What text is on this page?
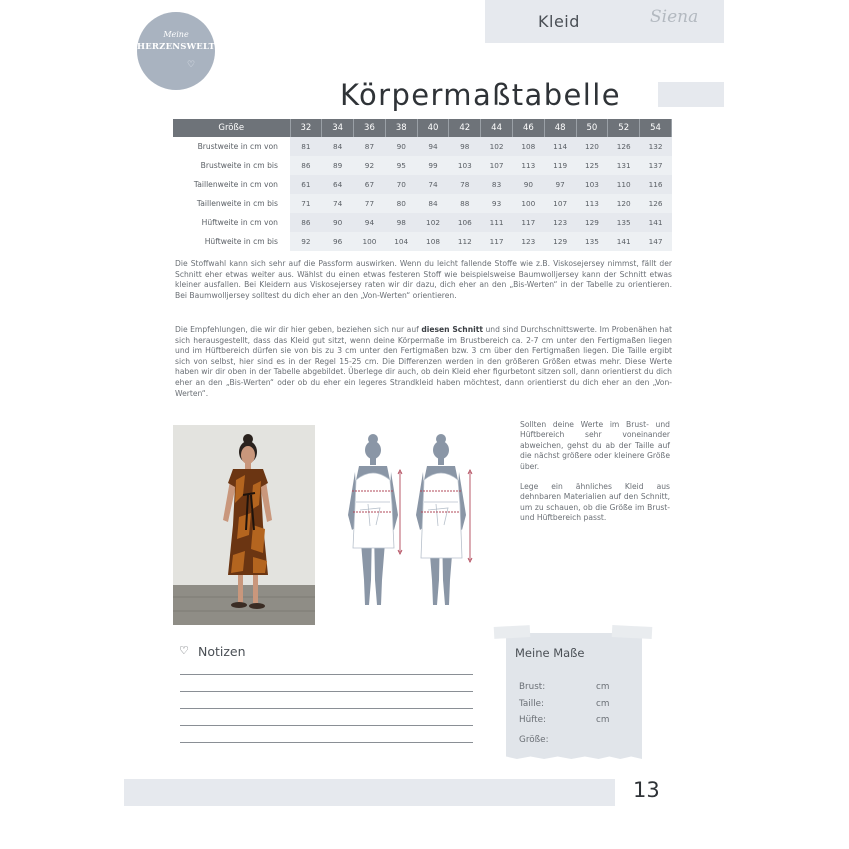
Meine
HERZENSWELT
♡
Kleid	Siena
Körpermaßtabelle
Größe	32	34	36	38	40	42	44	46	48	50	52	54
Brustweite in cm von	81	84	87	90	94	98	102	108	114	120	126	132
Brustweite in cm bis	86	89	92	95	99	103	107	113	119	125	131	137
Taillenweite in cm von	61	64	67	70	74	78	83	90	97	103	110	116
Taillenweite in cm bis	71	74	77	80	84	88	93	100	107	113	120	126
Hüftweite in cm von	86	90	94	98	102	106	111	117	123	129	135	141
Hüftweite in cm bis	92	96	100	104	108	112	117	123	129	135	141	147
Die Stoffwahl kann sich sehr auf die Passform auswirken. Wenn du leicht fallende Stoffe wie z.B. Viskosejersey nimmst, fällt der Schnitt eher etwas weiter aus. Wählst du einen etwas festeren Stoff wie beispielsweise Baumwolljersey kann der Schnitt etwas kleiner ausfallen. Bei Kleidern aus Viskosejersey raten wir dir dazu, dich eher an den „Bis-Werten“ in der Tabelle zu orientieren. Bei Baumwolljersey solltest du dich eher an den „Von-Werten“ orientieren.
Die Empfehlungen, die wir dir hier geben, beziehen sich nur auf diesen Schnitt und sind Durchschnittswerte. Im Probenähen hat sich herausgestellt, dass das Kleid gut sitzt, wenn deine Körpermaße im Brustbereich ca. 2-7 cm unter den Fertigmaßen liegen und im Hüftbereich dürfen sie von bis zu 3 cm unter den Fertigmaßen bzw. 3 cm über den Fertigmaßen liegen. Die Taille ergibt sich von selbst, hier sind es in der Regel 15-25 cm. Die Differenzen werden in den größeren Größen etwas mehr. Diese Werte haben wir dir oben in der Tabelle abgebildet. Überlege dir auch, ob dein Kleid eher figurbetont sitzen soll, dann orientierst du dich eher an den „Bis-Werten“ oder ob du eher ein legeres Strandkleid haben möchtest, dann orientierst du dich eher an den „Von-Werten“.

Sollten deine Werte im Brust- und Hüftbereich sehr voneinander abweichen, gehst du ab der Taille auf die nächst größere oder kleinere Größe über.

Lege ein ähnliches Kleid aus dehnbaren Materialien auf den Schnitt, um zu schauen, ob die Größe im Brust- und Hüftbereich passt.

♡ Notizen	Meine Maße
Brust:	cm
Taille:	cm
Hüfte:	cm
Größe:
13
